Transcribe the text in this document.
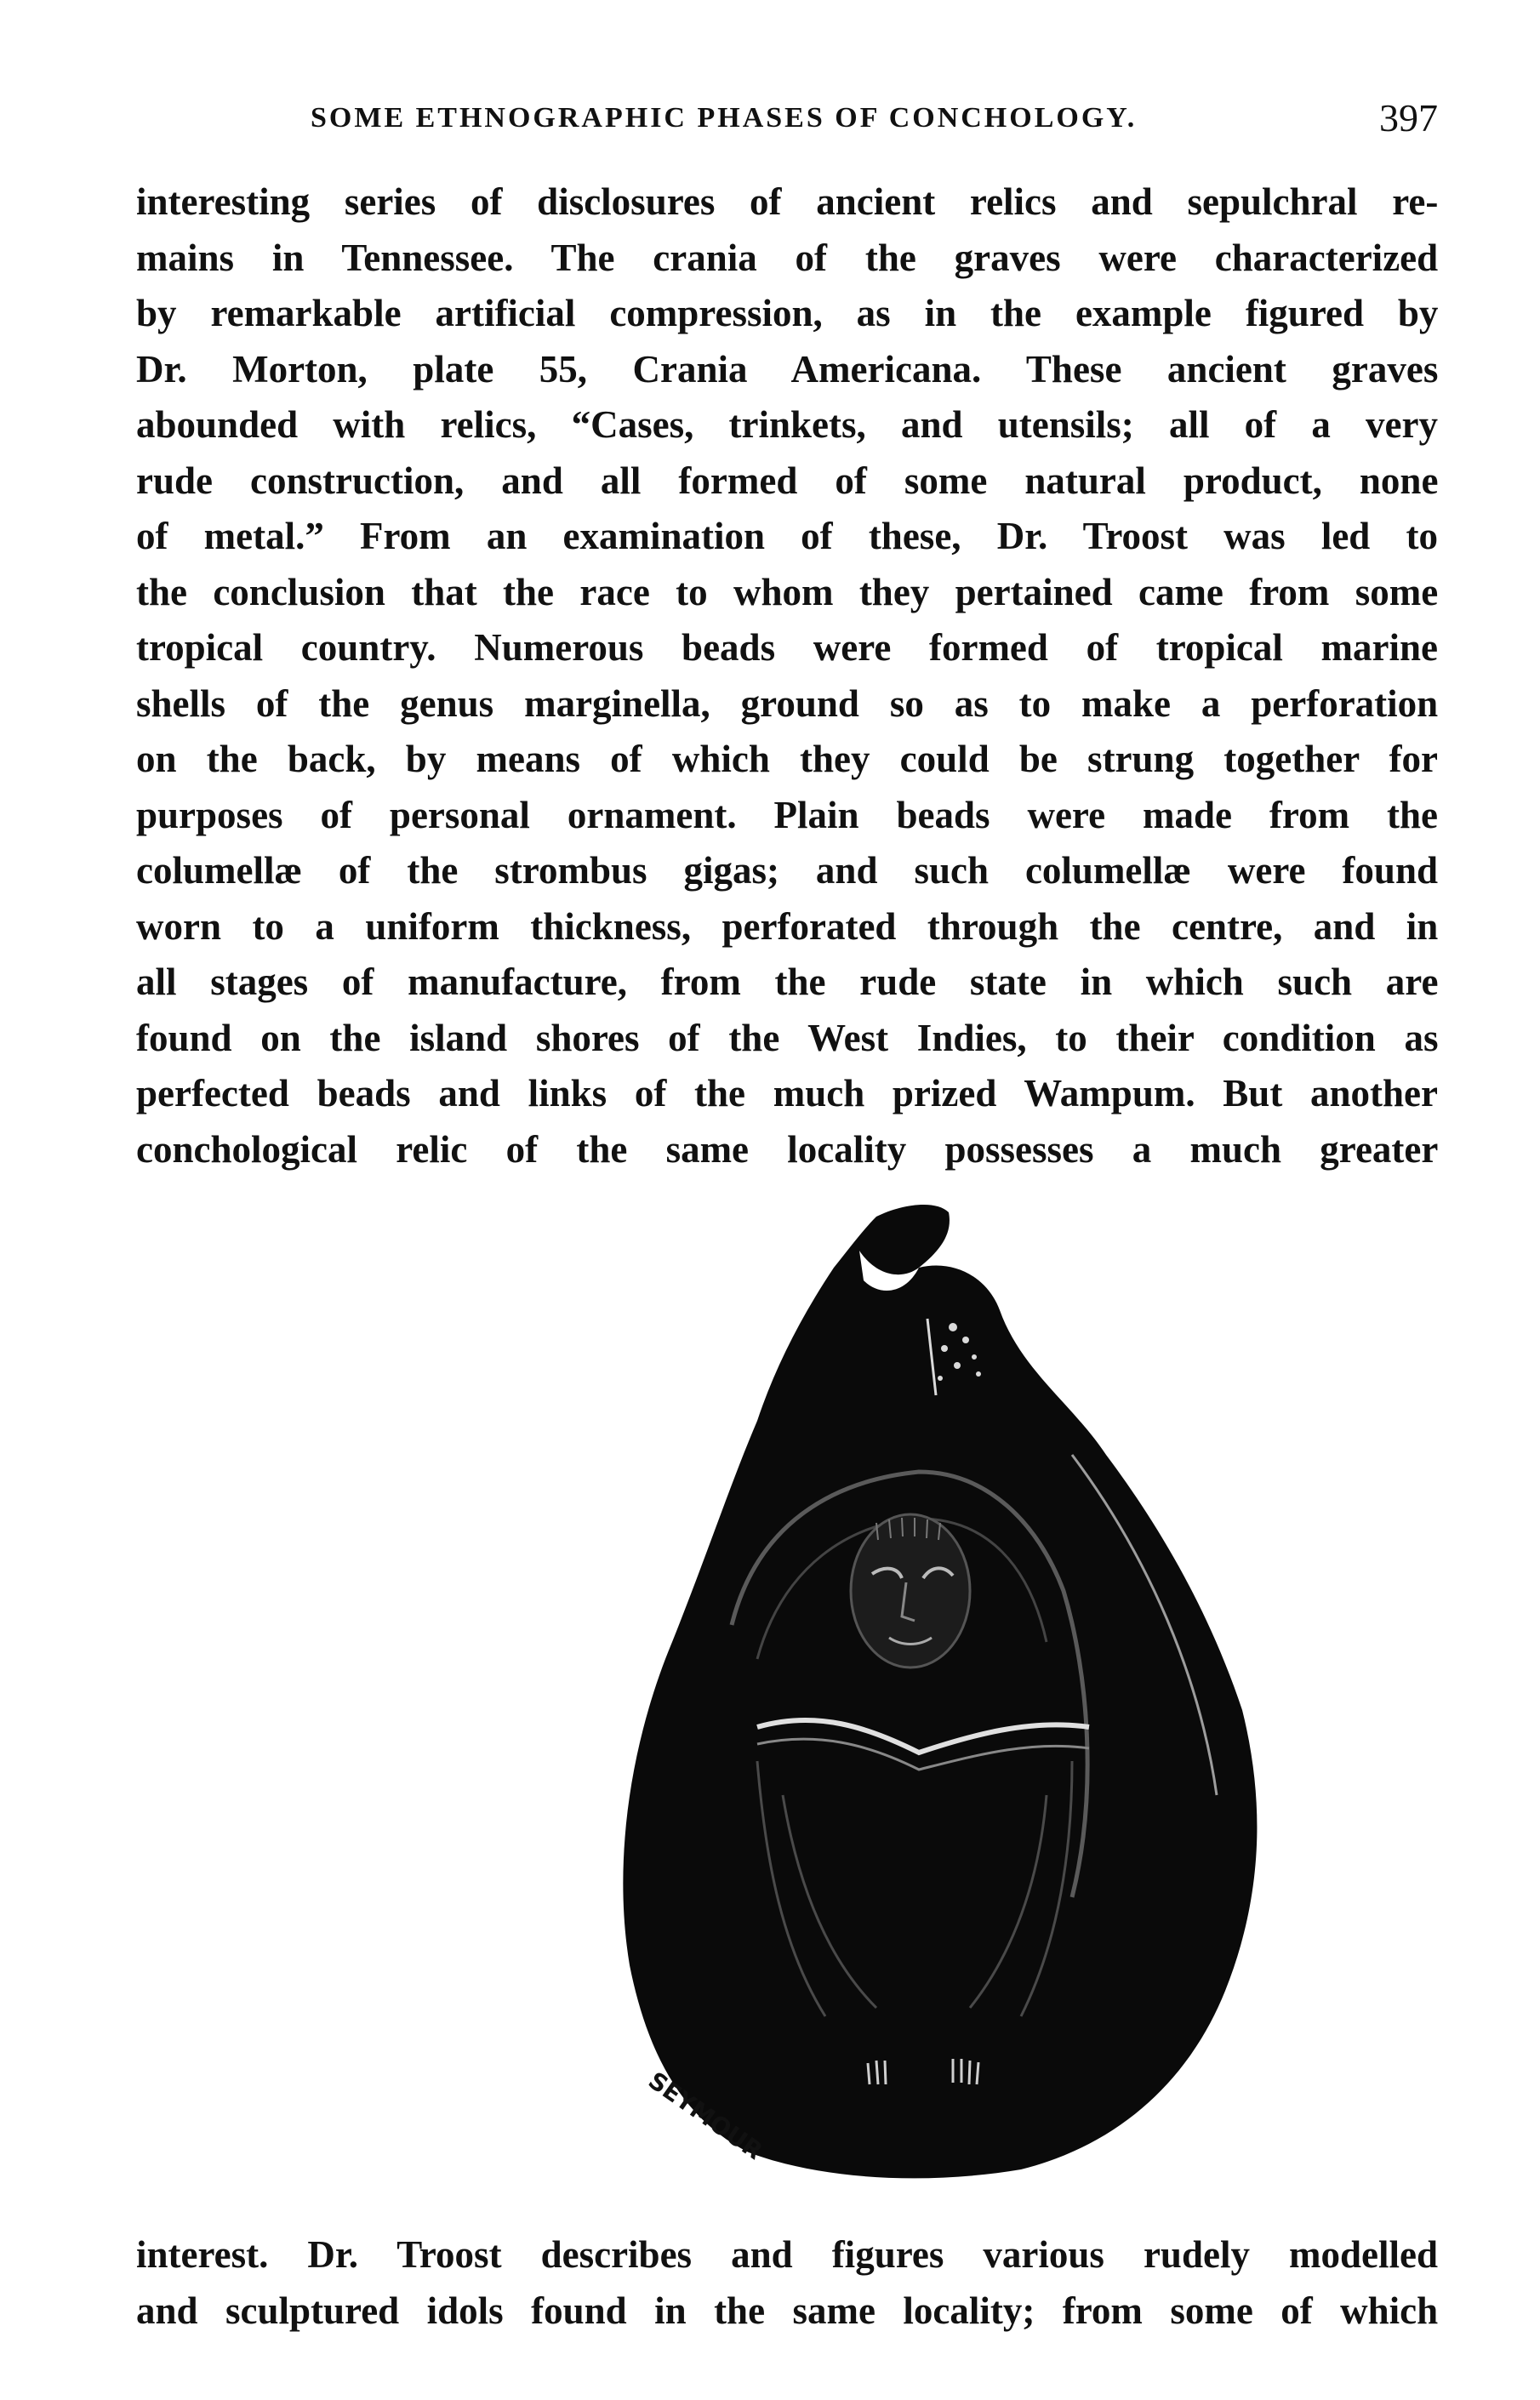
SOME ETHNOGRAPHIC PHASES OF CONCHOLOGY.	397
interesting series of disclosures of ancient relics and sepulchral re-
mains in Tennessee. The crania of the graves were characterized
by remarkable artificial compression, as in the example figured by
Dr. Morton, plate 55, Crania Americana. These ancient graves
abounded with relics, “Cases, trinkets, and utensils; all of a very
rude construction, and all formed of some natural product, none
of metal.” From an examination of these, Dr. Troost was led to
the conclusion that the race to whom they pertained came from some
tropical country. Numerous beads were formed of tropical marine
shells of the genus marginella, ground so as to make a perforation
on the back, by means of which they could be strung together for
purposes of personal ornament. Plain beads were made from the
columellæ of the strombus gigas; and such columellæ were found
worn to a uniform thickness, perforated through the centre, and in
all stages of manufacture, from the rude state in which such are
found on the island shores of the West Indies, to their condition as
perfected beads and links of the much prized Wampum. But another
conchological relic of the same locality possesses a much greater
SEYMOUR
interest. Dr. Troost describes and figures various rudely modelled
and sculptured idols found in the same locality; from some of which
